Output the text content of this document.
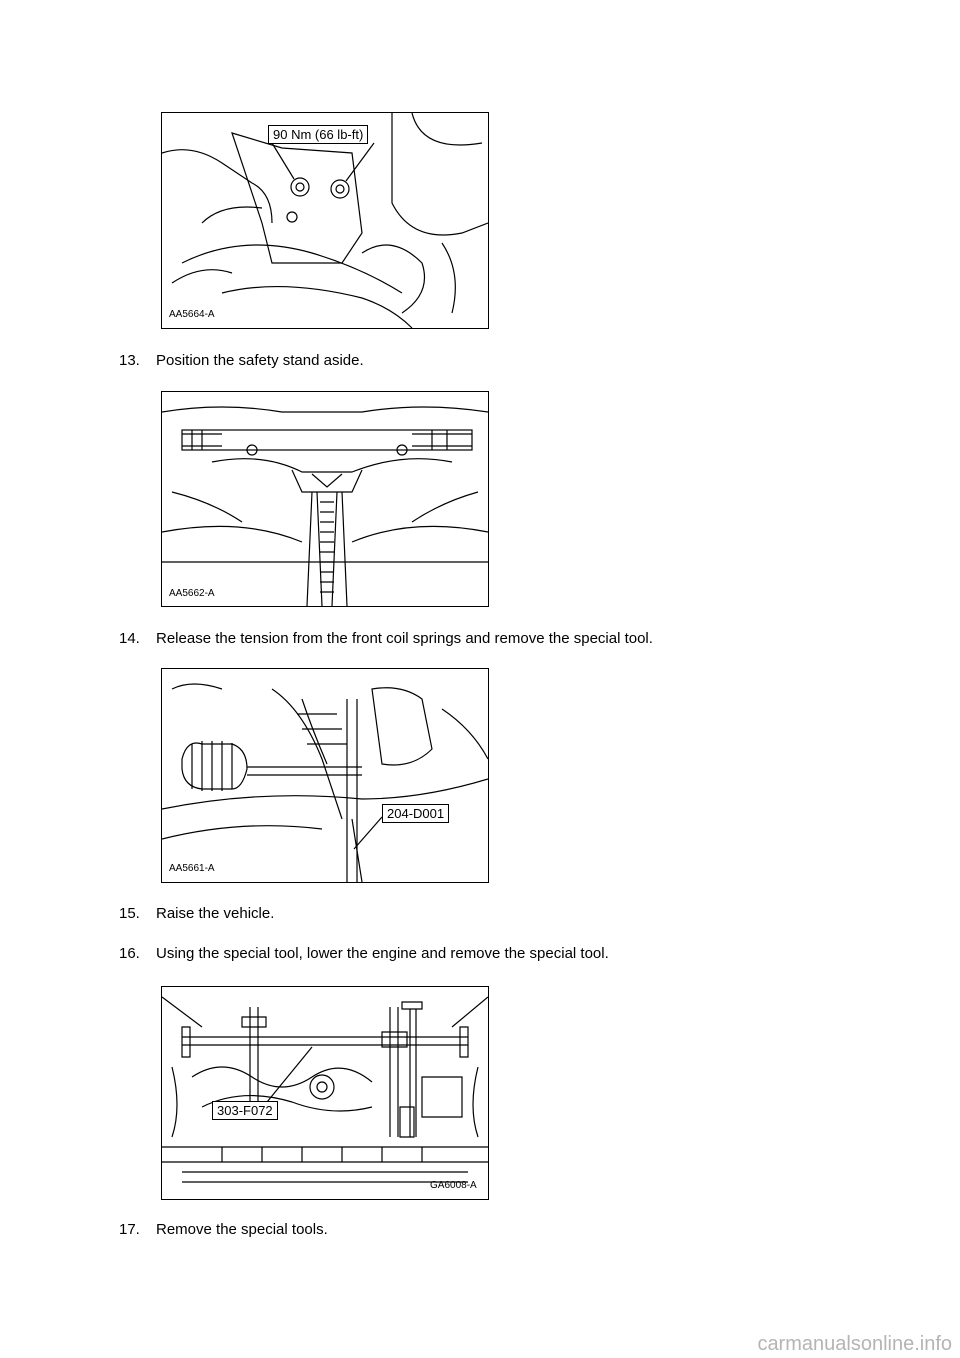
90 Nm (66 lb-ft)
AA5664-A
13. Position the safety stand aside.
AA5662-A
14. Release the tension from the front coil springs and remove the special tool.
204-D001
AA5661-A
15. Raise the vehicle.
16. Using the special tool, lower the engine and remove the special tool.
303-F072
GA6008-A
17. Remove the special tools.
carmanualsonline.info
